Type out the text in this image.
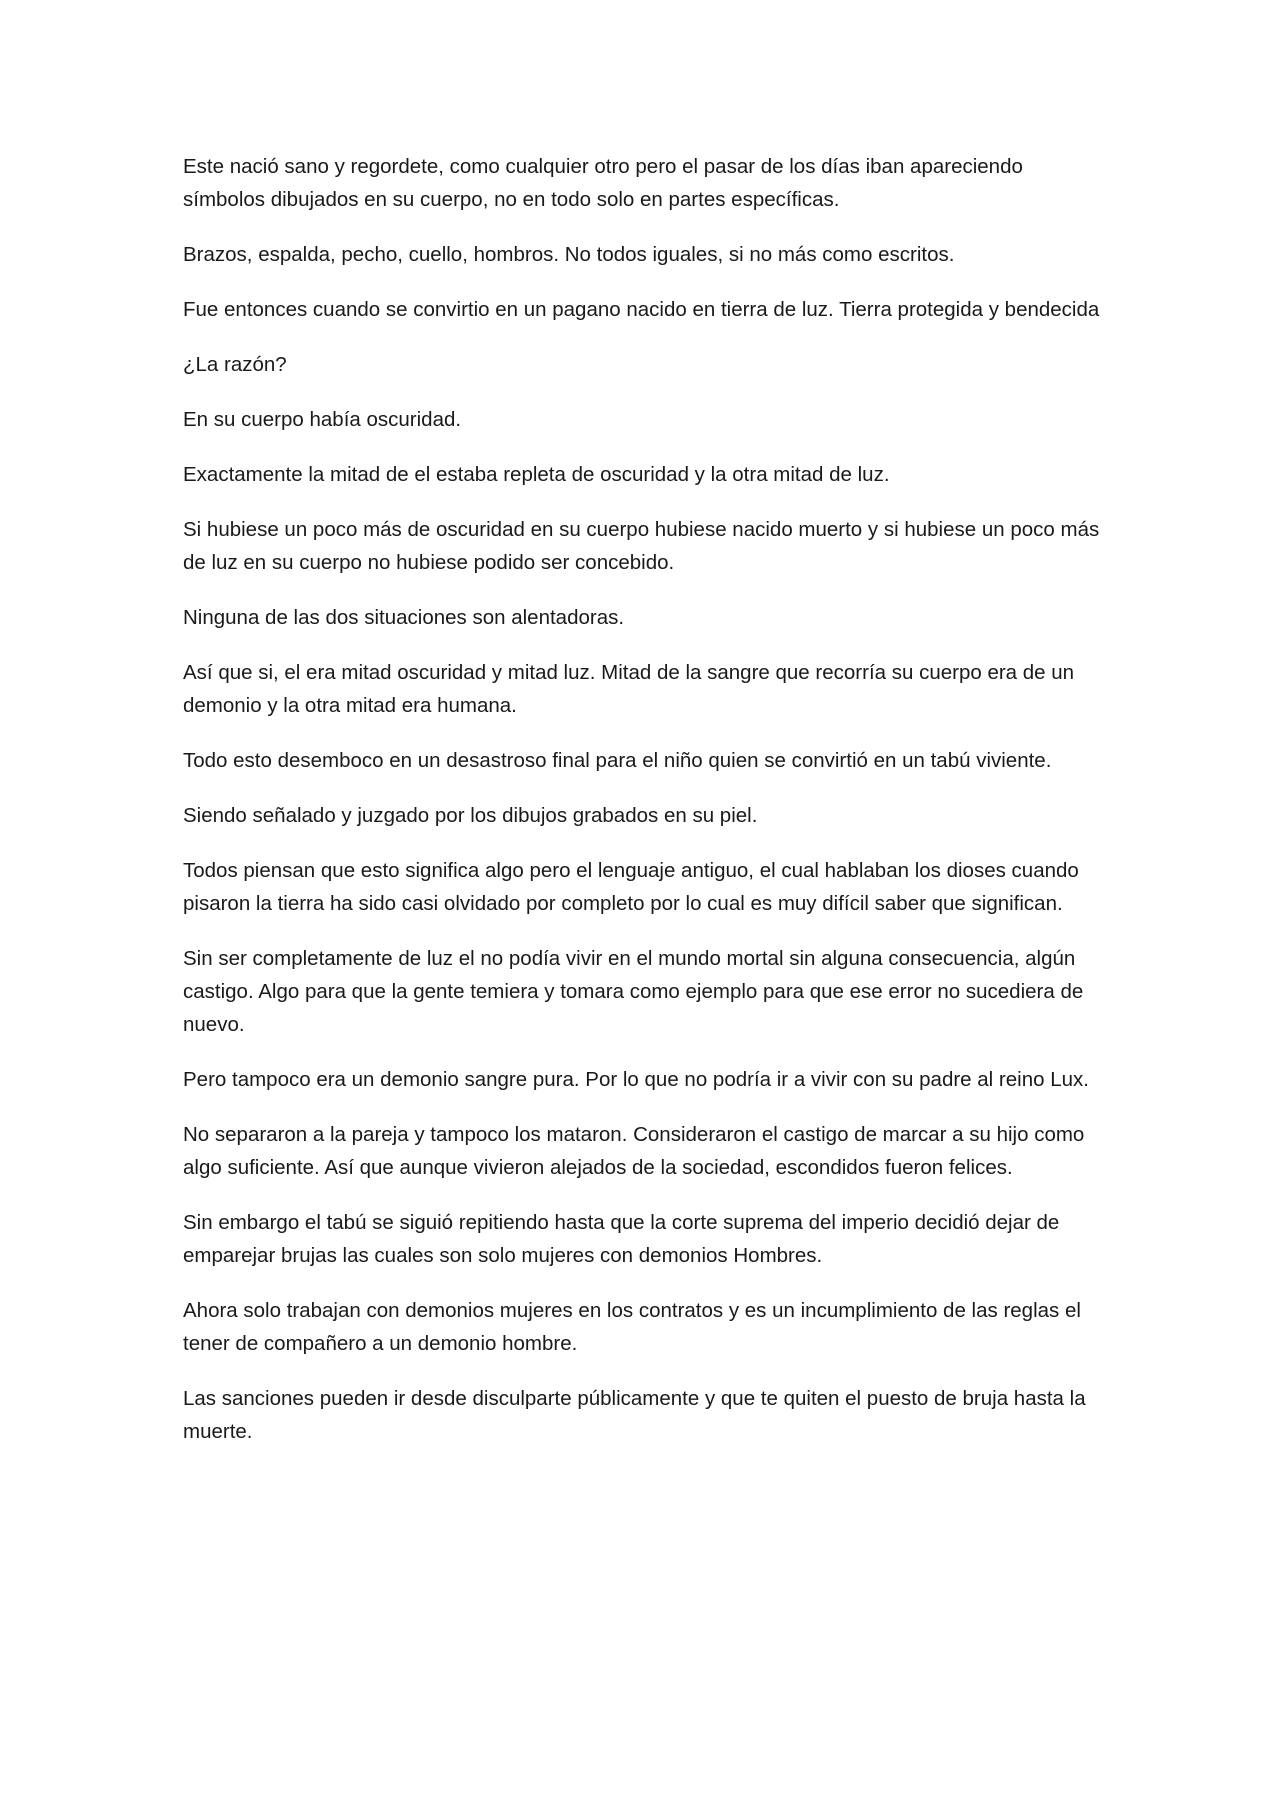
Este nació sano y regordete, como cualquier otro pero el pasar de los días iban apareciendo símbolos dibujados en su cuerpo, no en todo solo en partes específicas.

Brazos, espalda, pecho, cuello, hombros. No todos iguales, si no más como escritos.

Fue entonces cuando se convirtio en un pagano nacido en tierra de luz. Tierra protegida y bendecida

¿La razón?

En su cuerpo había oscuridad.

Exactamente la mitad de el estaba repleta de oscuridad y la otra mitad de luz.

Si hubiese un poco más de oscuridad en su cuerpo hubiese nacido muerto y si hubiese un poco más de luz en su cuerpo no hubiese podido ser concebido.

Ninguna de las dos situaciones son alentadoras.

Así que si, el era mitad oscuridad y mitad luz. Mitad de la sangre que recorría su cuerpo era de un demonio y la otra mitad era humana.

Todo esto desemboco en un desastroso final para el niño quien se convirtió en un tabú viviente.

Siendo señalado y juzgado por los dibujos grabados en su piel.

Todos piensan que esto significa algo pero el lenguaje antiguo, el cual hablaban los dioses cuando pisaron la tierra ha sido casi olvidado por completo por lo cual es muy difícil saber que significan.

Sin ser completamente de luz el no podía vivir en el mundo mortal sin alguna consecuencia, algún castigo. Algo para que la gente temiera y tomara como ejemplo para que ese error no sucediera de nuevo.

Pero tampoco era un demonio sangre pura. Por lo que no podría ir a vivir con su padre al reino Lux.

No separaron a la pareja y tampoco los mataron. Consideraron el castigo de marcar a su hijo como algo suficiente. Así que aunque vivieron alejados de la sociedad, escondidos fueron felices.

Sin embargo el tabú se siguió repitiendo hasta que la corte suprema del imperio decidió dejar de emparejar brujas las cuales son solo mujeres con demonios Hombres.

Ahora solo trabajan con demonios mujeres en los contratos y es un incumplimiento de las reglas el tener de compañero a un demonio hombre.

Las sanciones pueden ir desde disculparte públicamente y que te quiten el puesto de bruja hasta la muerte.
